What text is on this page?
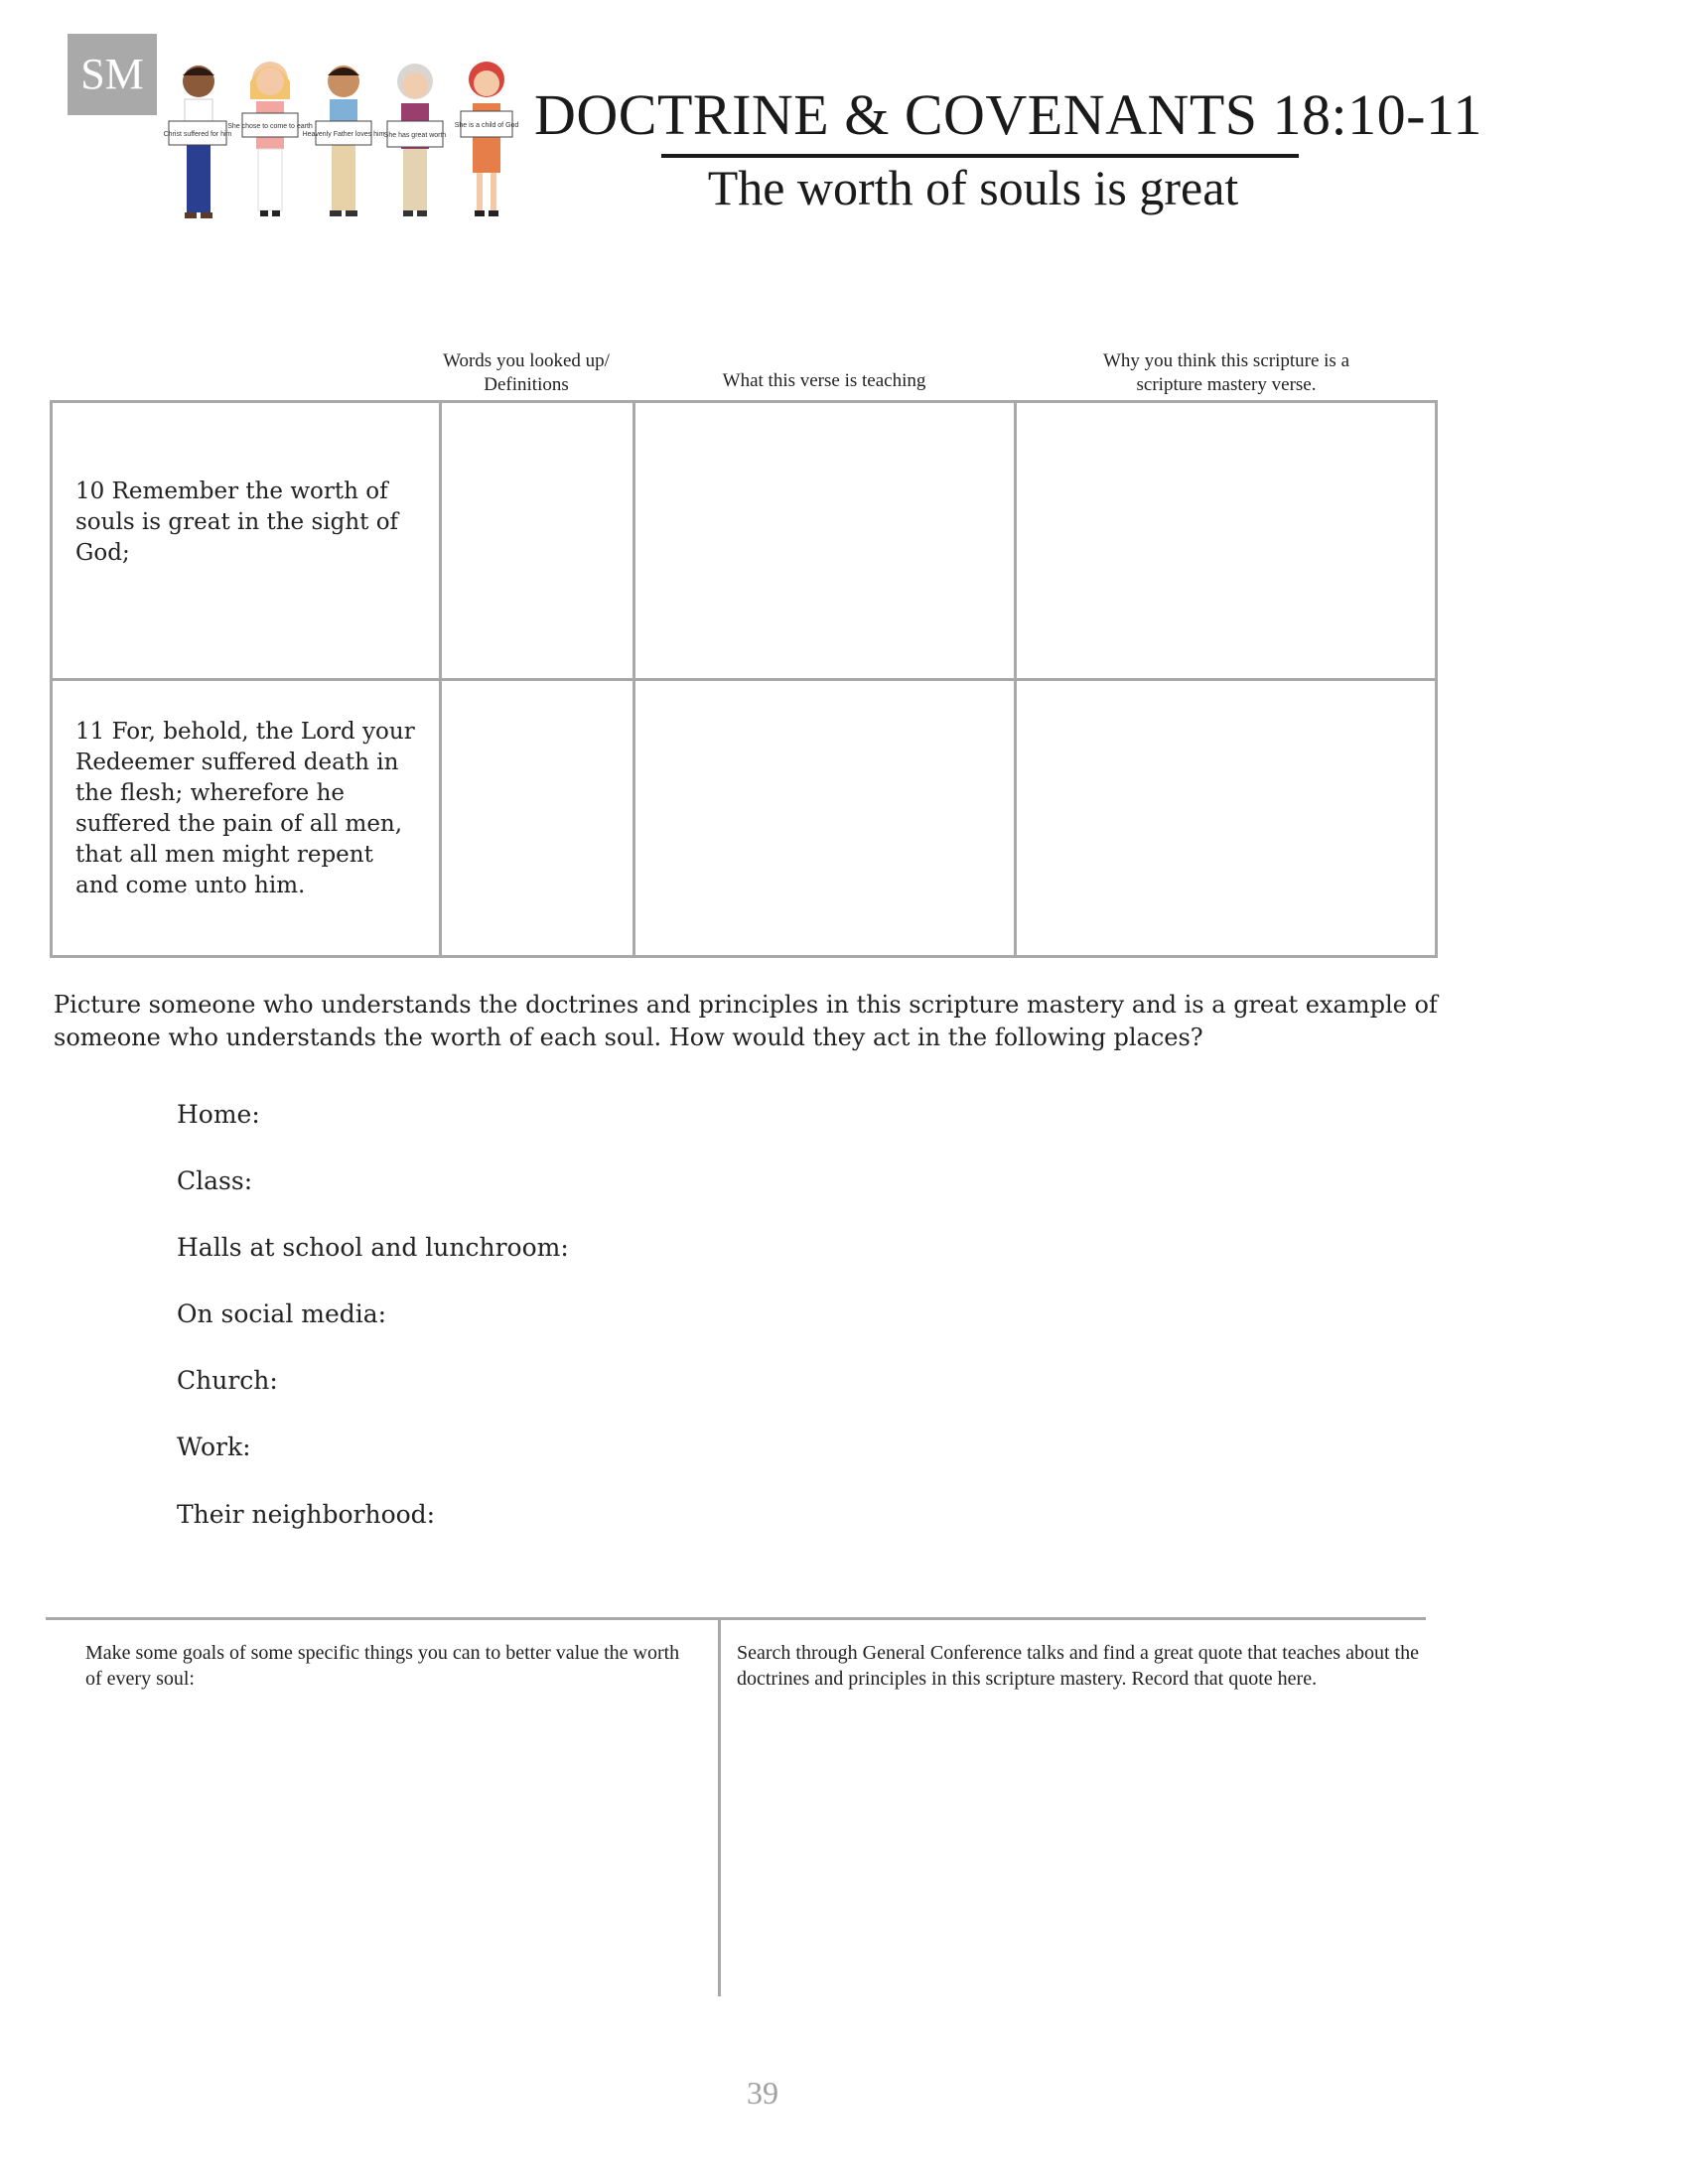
SM
Christ suffered for him
She chose to come to earth
Heavenly Father loves him She has great worth
She is a child of God DOCTRINE & COVENANTS 18:10-11
The worth of souls is great
Words you looked up/ Definitions	What this verse is teaching
Why you think this scripture is a scripture mastery verse.
10 Remember the worth of souls is great in the sight of God;
11 For, behold, the Lord your Redeemer suffered death in the flesh; wherefore he suffered the pain of all men, that all men might repent and come unto him.
Picture someone who understands the doctrines and principles in this scripture mastery and is a great example of someone who understands the worth of each soul. How would they act in the following places?
Home:
Class:
Halls at school and lunchroom:
On social media:
Church:
Work:
Their neighborhood:
Make some goals of some specific things you can to better value the worth of every soul:
Search through General Conference talks and find a great quote that teaches about the doctrines and principles in this scripture mastery. Record that quote here.
39
